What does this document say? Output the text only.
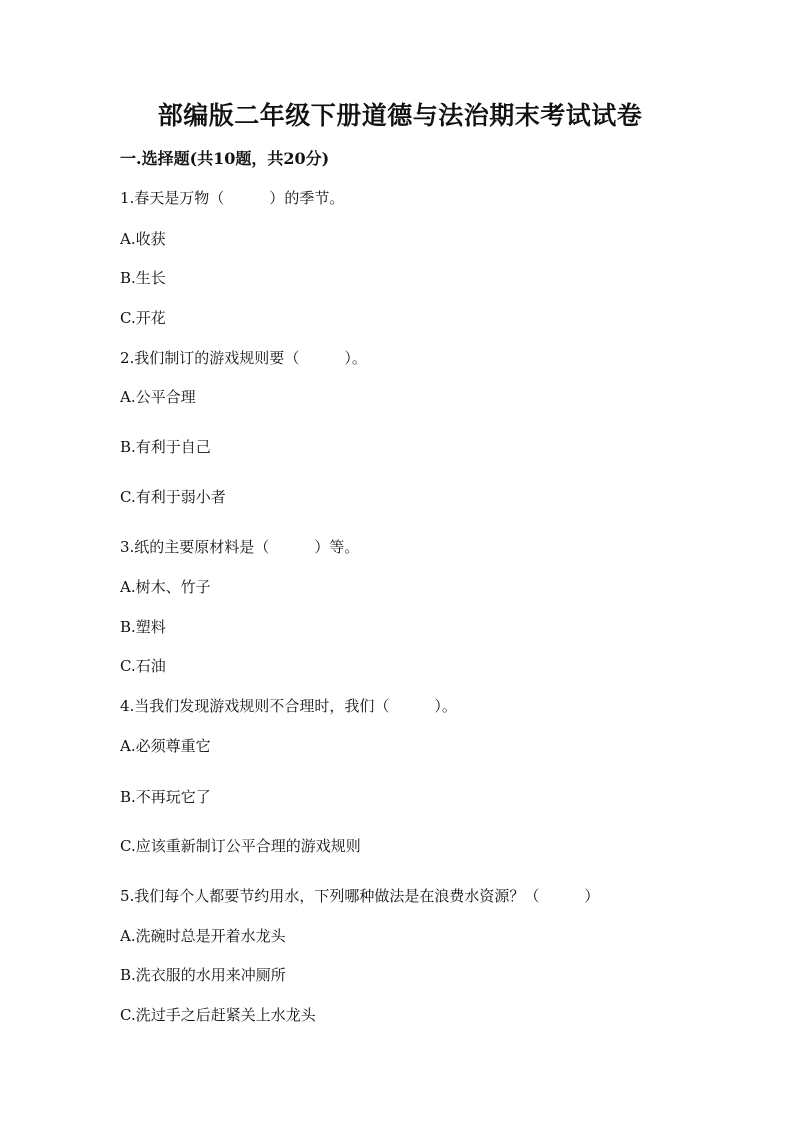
部编版二年级下册道德与法治期末考试试卷
一.选择题(共10题，共20分)
1.春天是万物（　　　）的季节。
A.收获
B.生长
C.开花
2.我们制订的游戏规则要（　　　）。
A.公平合理
B.有利于自己
C.有利于弱小者
3.纸的主要原材料是（　　　）等。
A.树木、竹子
B.塑料
C.石油
4.当我们发现游戏规则不合理时，我们（　　　）。
A.必须尊重它
B.不再玩它了
C.应该重新制订公平合理的游戏规则
5.我们每个人都要节约用水，下列哪种做法是在浪费水资源？（　　　）
A.洗碗时总是开着水龙头
B.洗衣服的水用来冲厕所
C.洗过手之后赶紧关上水龙头
